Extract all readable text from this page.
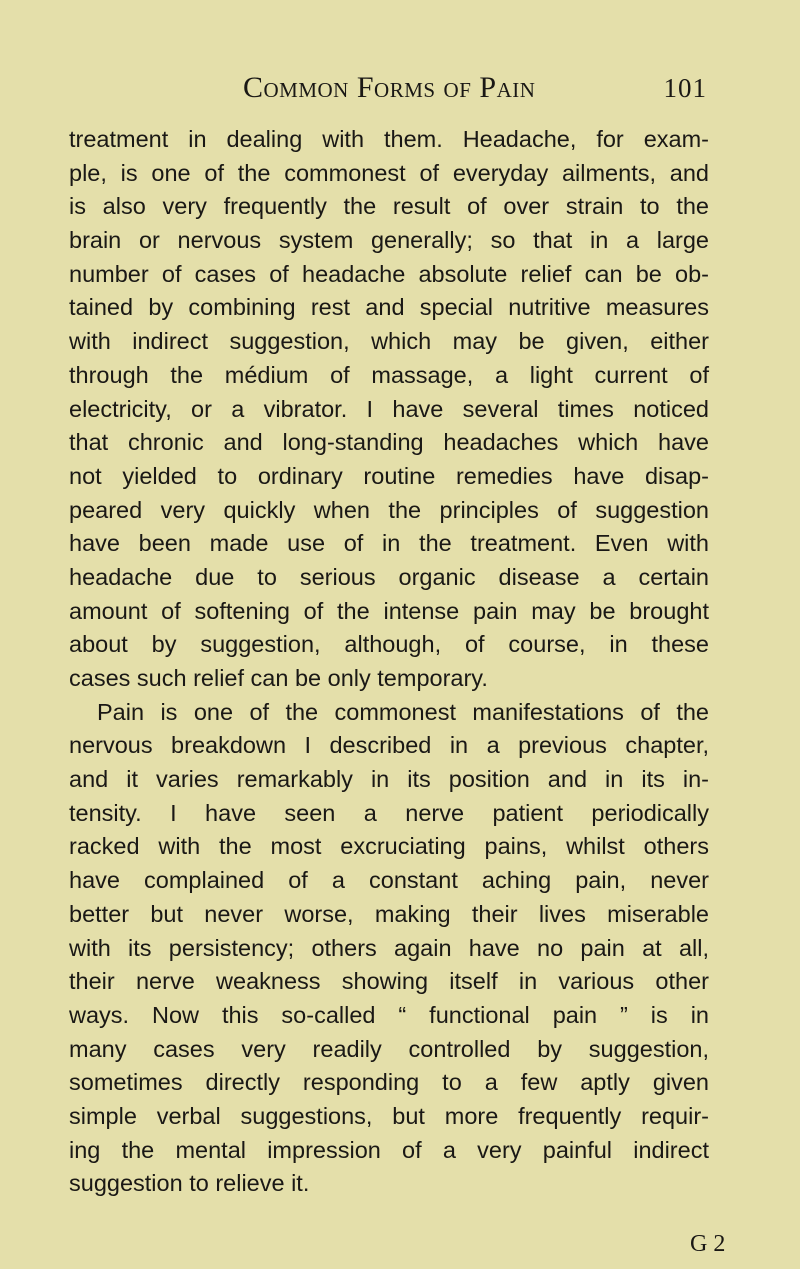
Common Forms of Pain	101
treatment in dealing with them. Headache, for exam-
ple, is one of the commonest of everyday ailments, and
is also very frequently the result of over strain to the
brain or nervous system generally; so that in a large
number of cases of headache absolute relief can be ob-
tained by combining rest and special nutritive measures
with indirect suggestion, which may be given, either
through the médium of massage, a light current of
electricity, or a vibrator. I have several times noticed
that chronic and long-standing headaches which have
not yielded to ordinary routine remedies have disap-
peared very quickly when the principles of suggestion
have been made use of in the treatment. Even with
headache due to serious organic disease a certain
amount of softening of the intense pain may be brought
about by suggestion, although, of course, in these
cases such relief can be only temporary.
Pain is one of the commonest manifestations of the
nervous breakdown I described in a previous chapter,
and it varies remarkably in its position and in its in-
tensity. I have seen a nerve patient periodically
racked with the most excruciating pains, whilst others
have complained of a constant aching pain, never
better but never worse, making their lives miserable
with its persistency; others again have no pain at all,
their nerve weakness showing itself in various other
ways. Now this so-called “ functional pain ” is in
many cases very readily controlled by suggestion,
sometimes directly responding to a few aptly given
simple verbal suggestions, but more frequently requir-
ing the mental impression of a very painful indirect
suggestion to relieve it.
G 2
